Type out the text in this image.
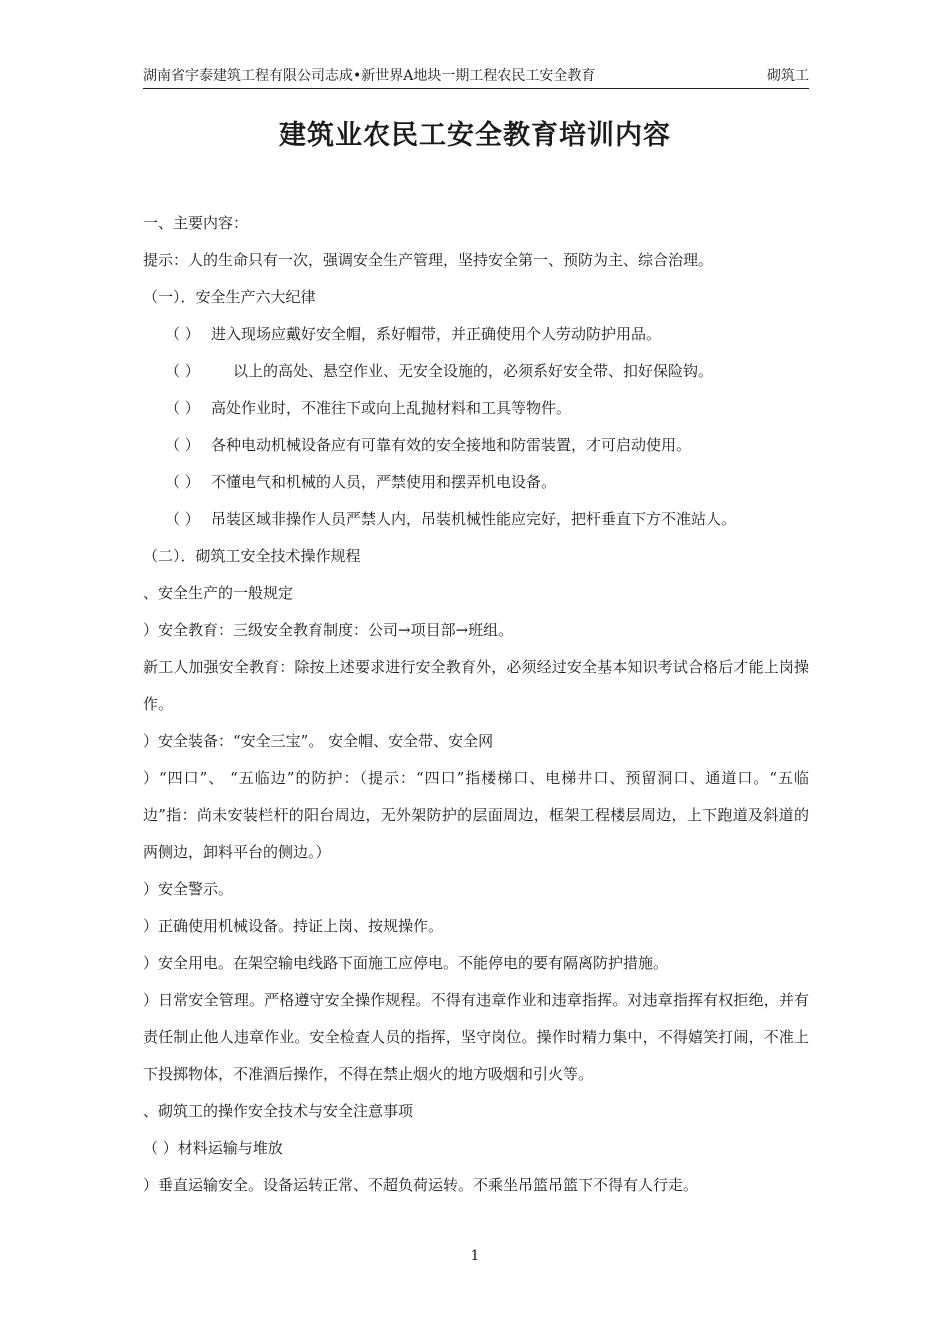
湖南省宇泰建筑工程有限公司志成•新世界A地块一期工程农民工安全教育	砌筑工
建筑业农民工安全教育培训内容

一、主要内容：

提示：人的生命只有一次，强调安全生产管理，坚持安全第一、预防为主、综合治理。

（一）．安全生产六大纪律

（ ） 进入现场应戴好安全帽，系好帽带，并正确使用个人劳动防护用品。

（ ） 以上的高处、悬空作业、无安全设施的，必须系好安全带、扣好保险钩。

（ ） 高处作业时，不准往下或向上乱抛材料和工具等物件。

（ ） 各种电动机械设备应有可靠有效的安全接地和防雷装置，才可启动使用。

（ ） 不懂电气和机械的人员，严禁使用和摆弄机电设备。

（ ） 吊装区域非操作人员严禁人内，吊装机械性能应完好，把杆垂直下方不准站人。

（二）．砌筑工安全技术操作规程

、安全生产的一般规定

）安全教育：三级安全教育制度：公司→项目部→班组。

新工人加强安全教育：除按上述要求进行安全教育外，必须经过安全基本知识考试合格后才能上岗操作。

）安全装备：“安全三宝”。 安全帽、安全带、安全网

）“四口”、 “五临边”的防护：（提示：“四口”指楼梯口、电梯井口、预留洞口、通道口。“五临边”指：尚未安装栏杆的阳台周边，无外架防护的层面周边，框架工程楼层周边，上下跑道及斜道的两侧边，卸料平台的侧边。）

）安全警示。

）正确使用机械设备。持证上岗、按规操作。

）安全用电。在架空输电线路下面施工应停电。不能停电的要有隔离防护措施。

）日常安全管理。严格遵守安全操作规程。不得有违章作业和违章指挥。对违章指挥有权拒绝，并有责任制止他人违章作业。安全检查人员的指挥，坚守岗位。操作时精力集中，不得嬉笑打闹，不准上下投掷物体，不准酒后操作，不得在禁止烟火的地方吸烟和引火等。

、砌筑工的操作安全技术与安全注意事项

（ ）材料运输与堆放

）垂直运输安全。设备运转正常、不超负荷运转。不乘坐吊篮吊篮下不得有人行走。

1
